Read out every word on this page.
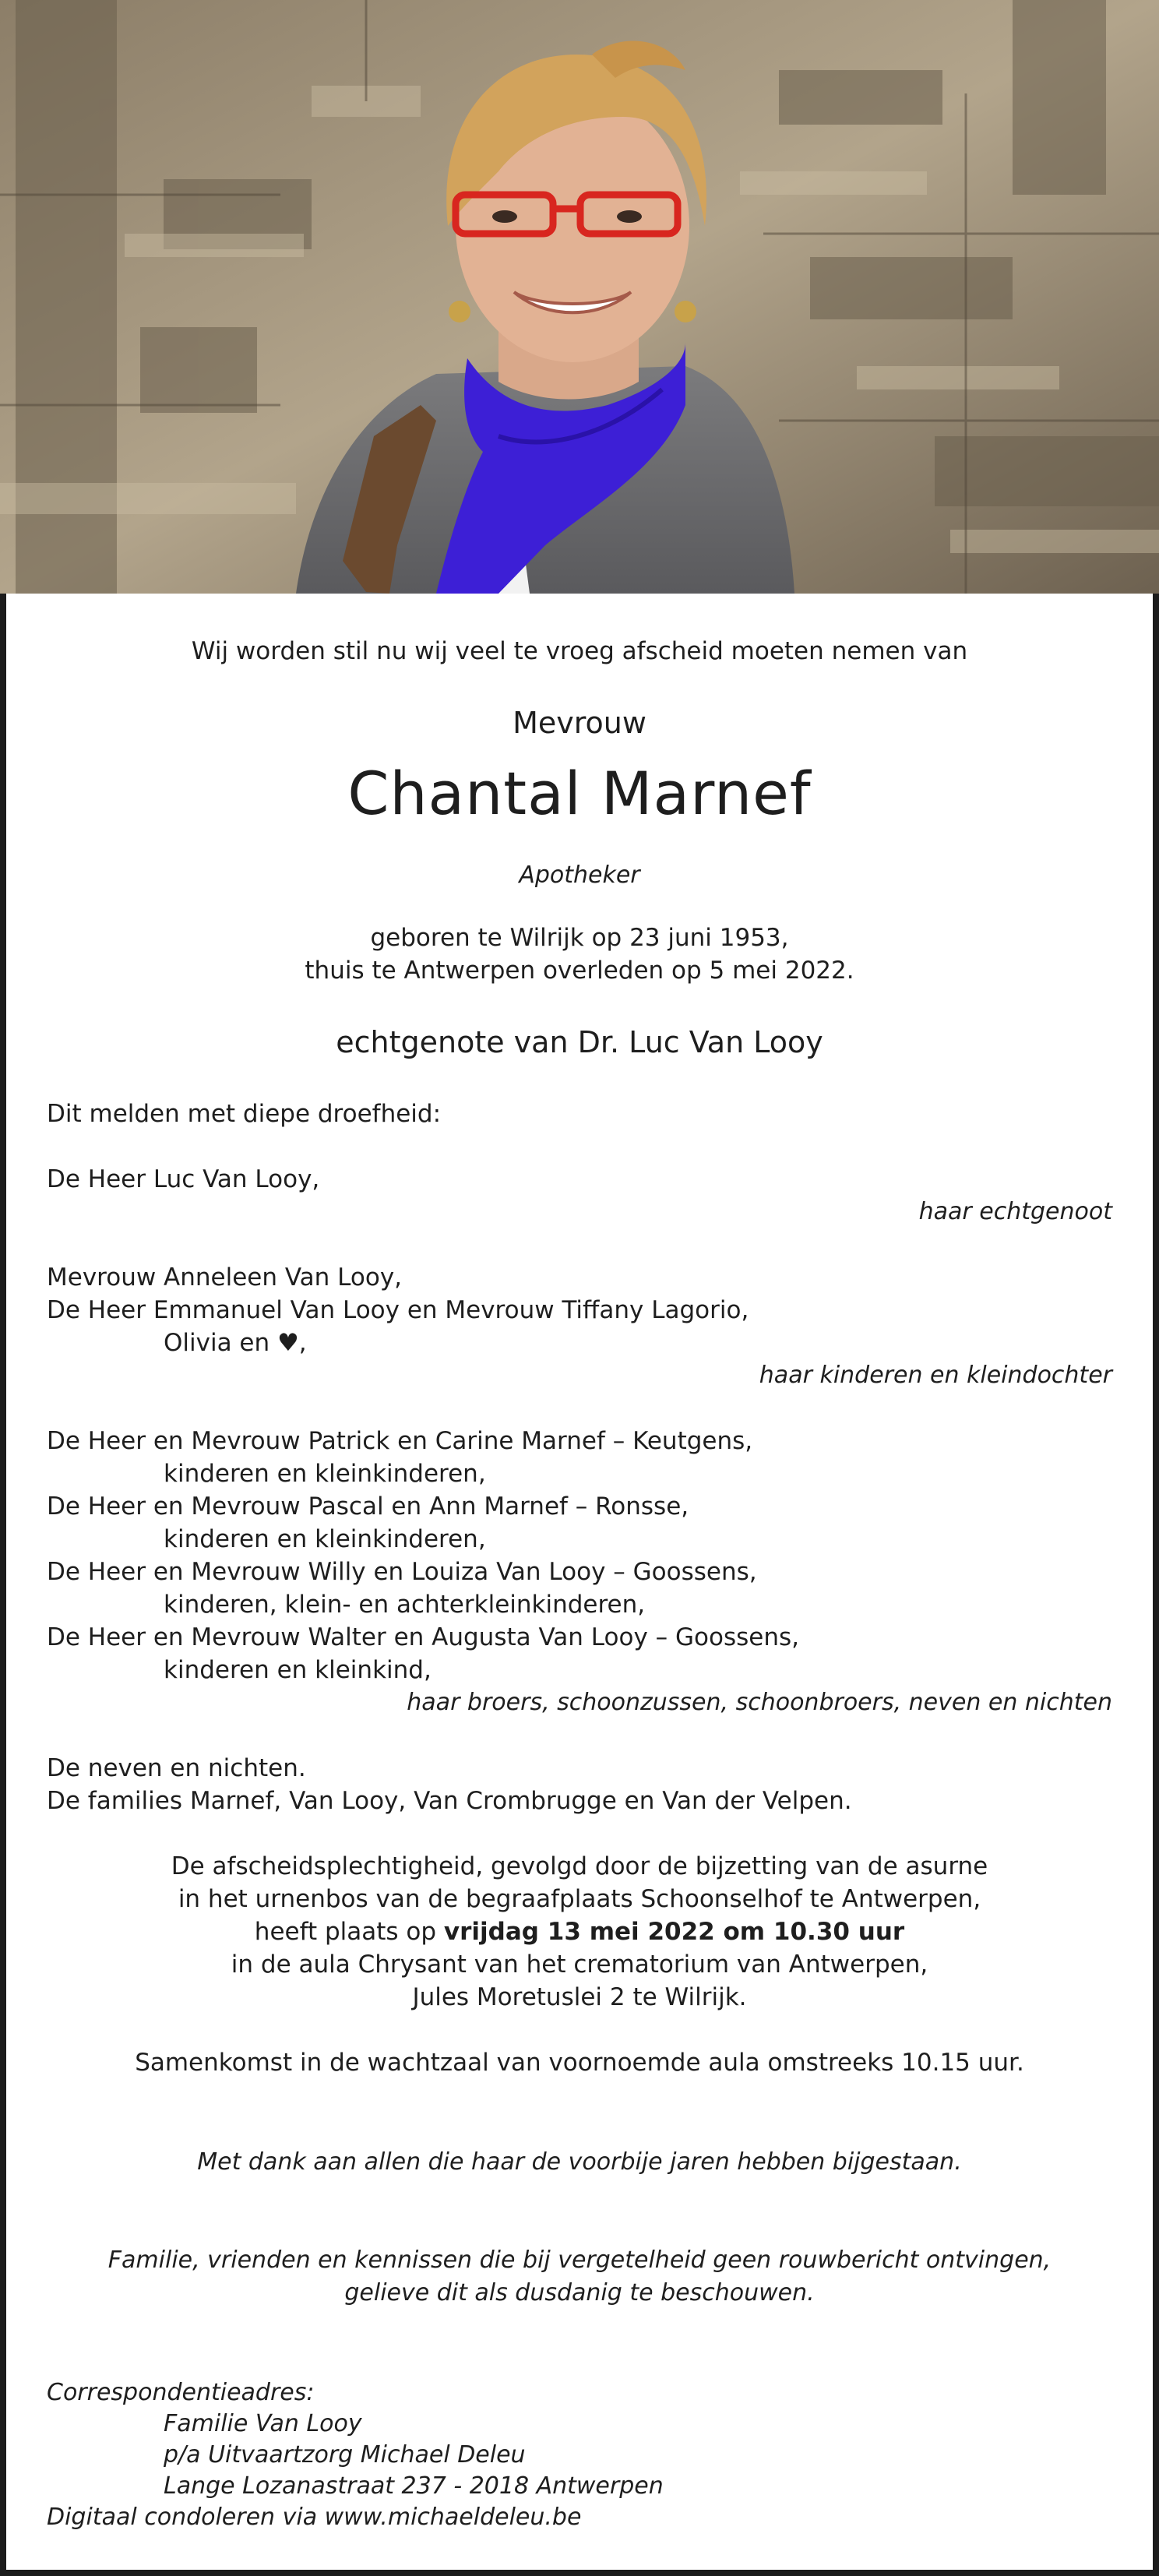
Wij worden stil nu wij veel te vroeg afscheid moeten nemen van

Mevrouw

Chantal Marnef

Apotheker

geboren te Wilrijk op 23 juni 1953,

thuis te Antwerpen overleden op 5 mei 2022.

echtgenote van Dr. Luc Van Looy

Dit melden met diepe droefheid:

De Heer Luc Van Looy,

haar echtgenoot

Mevrouw Anneleen Van Looy,

De Heer Emmanuel Van Looy en Mevrouw Tiffany Lagorio,

Olivia en ♥,

haar kinderen en kleindochter

De Heer en Mevrouw Patrick en Carine Marnef – Keutgens,

kinderen en kleinkinderen,

De Heer en Mevrouw Pascal en Ann Marnef – Ronsse,

kinderen en kleinkinderen,

De Heer en Mevrouw Willy en Louiza Van Looy – Goossens,

kinderen, klein- en achterkleinkinderen,

De Heer en Mevrouw Walter en Augusta Van Looy – Goossens,

kinderen en kleinkind,

haar broers, schoonzussen, schoonbroers, neven en nichten

De neven en nichten.

De families Marnef, Van Looy, Van Crombrugge en Van der Velpen.

De afscheidsplechtigheid, gevolgd door de bijzetting van de asurne

in het urnenbos van de begraafplaats Schoonselhof te Antwerpen,

heeft plaats op vrijdag 13 mei 2022 om 10.30 uur

in de aula Chrysant van het crematorium van Antwerpen,

Jules Moretuslei 2 te Wilrijk.

Samenkomst in de wachtzaal van voornoemde aula omstreeks 10.15 uur.

Met dank aan allen die haar de voorbije jaren hebben bijgestaan.

Familie, vrienden en kennissen die bij vergetelheid geen rouwbericht ontvingen,

gelieve dit als dusdanig te beschouwen.

Correspondentieadres:

Familie Van Looy

p/a Uitvaartzorg Michael Deleu

Lange Lozanastraat 237 - 2018 Antwerpen

Digitaal condoleren via www.michaeldeleu.be
